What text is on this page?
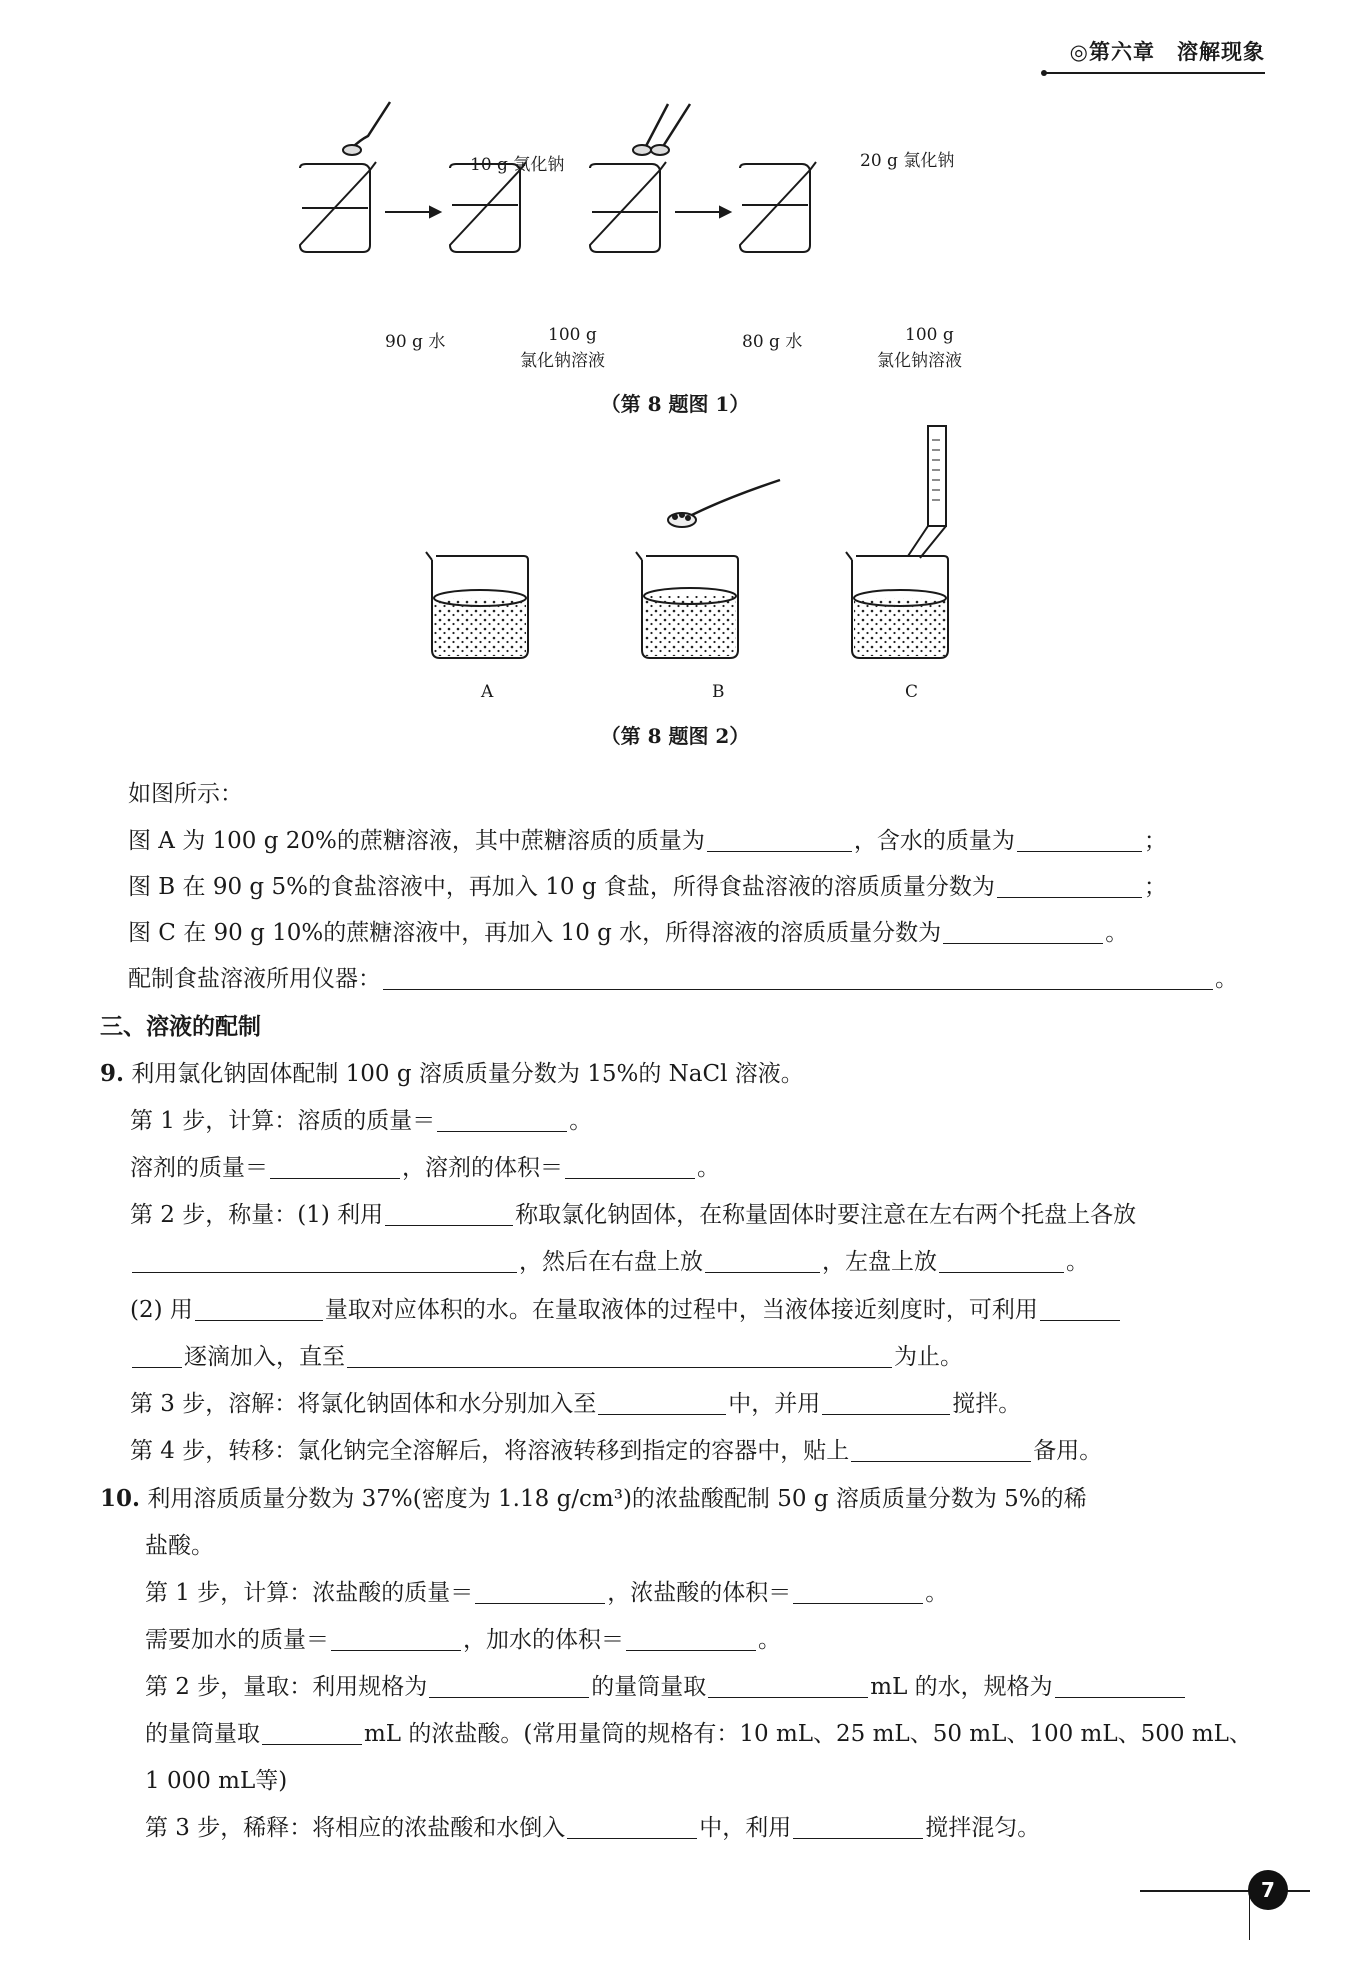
◎第六章　溶解现象
10 g 氯化钠	20 g 氯化钠
90 g 水	100 g
氯化钠溶液
80 g 水	100 g
氯化钠溶液
（第 8 题图 1）
A	B	C
（第 8 题图 2）
如图所示：
图 A 为 100 g 20%的蔗糖溶液，其中蔗糖溶质的质量为	，含水的质量为	；
图 B 在 90 g 5%的食盐溶液中，再加入 10 g 食盐，所得食盐溶液的溶质质量分数为	；
图 C 在 90 g 10%的蔗糖溶液中，再加入 10 g 水，所得溶液的溶质质量分数为	。
配制食盐溶液所用仪器：	。
三、溶液的配制
9. 利用氯化钠固体配制 100 g 溶质质量分数为 15%的 NaCl 溶液。
第 1 步，计算：溶质的质量＝	。
溶剂的质量＝	，溶剂的体积＝	。
第 2 步，称量：(1) 利用	称取氯化钠固体，在称量固体时要注意在左右两个托盘上各放
，然后在右盘上放	，左盘上放	。
(2) 用	量取对应体积的水。在量取液体的过程中，当液体接近刻度时，可利用
逐滴加入，直至	为止。
第 3 步，溶解：将氯化钠固体和水分别加入至	中，并用	搅拌。
第 4 步，转移：氯化钠完全溶解后，将溶液转移到指定的容器中，贴上	备用。
10. 利用溶质质量分数为 37%(密度为 1.18 g/cm³)的浓盐酸配制 50 g 溶质质量分数为 5%的稀
盐酸。
第 1 步，计算：浓盐酸的质量＝	，浓盐酸的体积＝	。
需要加水的质量＝	，加水的体积＝	。
第 2 步，量取：利用规格为	的量筒量取	mL 的水，规格为
的量筒量取	mL 的浓盐酸。(常用量筒的规格有：10 mL、25 mL、50 mL、100 mL、500 mL、
1 000 mL等)
第 3 步，稀释：将相应的浓盐酸和水倒入	中，利用	搅拌混匀。
7
